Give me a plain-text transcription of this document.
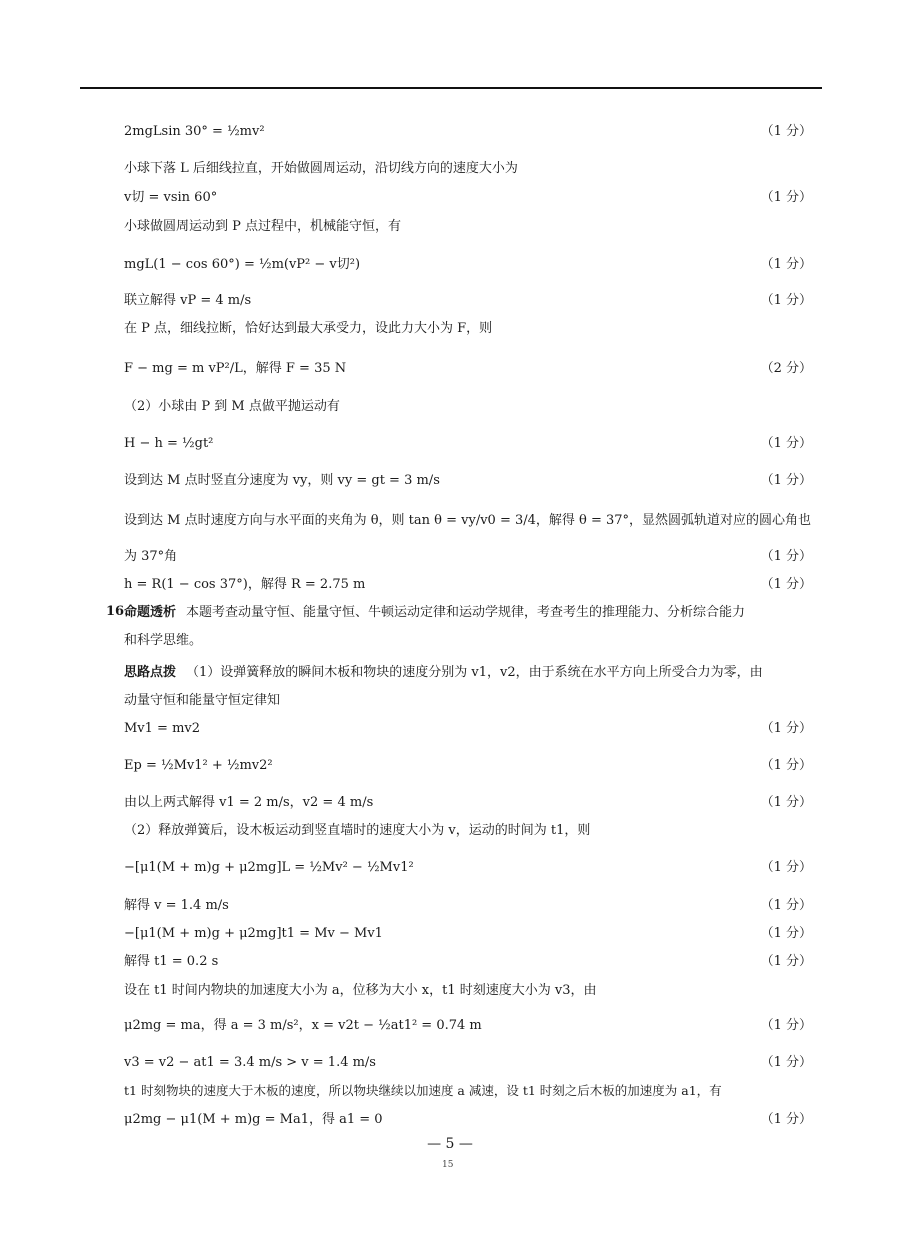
2mgLsin 30° = ½mv²	（1 分）
小球下落 L 后细线拉直，开始做圆周运动，沿切线方向的速度大小为
v切 = vsin 60°	（1 分）
小球做圆周运动到 P 点过程中，机械能守恒，有
mgL(1 − cos 60°) = ½m(vP² − v切²)	（1 分）
联立解得 vP = 4 m/s	（1 分）
在 P 点，细线拉断，恰好达到最大承受力，设此力大小为 F，则
F − mg = m vP²/L，解得 F = 35 N	（2 分）
（2）小球由 P 到 M 点做平抛运动有
H − h = ½gt²	（1 分）
设到达 M 点时竖直分速度为 vy，则 vy = gt = 3 m/s	（1 分）
设到达 M 点时速度方向与水平面的夹角为 θ，则 tan θ = vy/v0 = 3/4，解得 θ = 37°，显然圆弧轨道对应的圆心角也
为 37°角	（1 分）
h = R(1 − cos 37°)，解得 R = 2.75 m	（1 分）
16.
命题透析 本题考查动量守恒、能量守恒、牛顿运动定律和运动学规律，考查考生的推理能力、分析综合能力
和科学思维。
思路点拨 （1）设弹簧释放的瞬间木板和物块的速度分别为 v1，v2，由于系统在水平方向上所受合力为零，由
动量守恒和能量守恒定律知
Mv1 = mv2	（1 分）
Ep = ½Mv1² + ½mv2²	（1 分）
由以上两式解得 v1 = 2 m/s，v2 = 4 m/s	（1 分）
（2）释放弹簧后，设木板运动到竖直墙时的速度大小为 v，运动的时间为 t1，则
−[μ1(M + m)g + μ2mg]L = ½Mv² − ½Mv1²	（1 分）
解得 v = 1.4 m/s	（1 分）
−[μ1(M + m)g + μ2mg]t1 = Mv − Mv1	（1 分）
解得 t1 = 0.2 s	（1 分）
设在 t1 时间内物块的加速度大小为 a，位移为大小 x，t1 时刻速度大小为 v3，由
μ2mg = ma，得 a = 3 m/s²，x = v2t − ½at1² = 0.74 m	（1 分）
v3 = v2 − at1 = 3.4 m/s > v = 1.4 m/s	（1 分）
t1 时刻物块的速度大于木板的速度，所以物块继续以加速度 a 减速，设 t1 时刻之后木板的加速度为 a1，有
μ2mg − μ1(M + m)g = Ma1，得 a1 = 0	（1 分）
— 5 —
15
